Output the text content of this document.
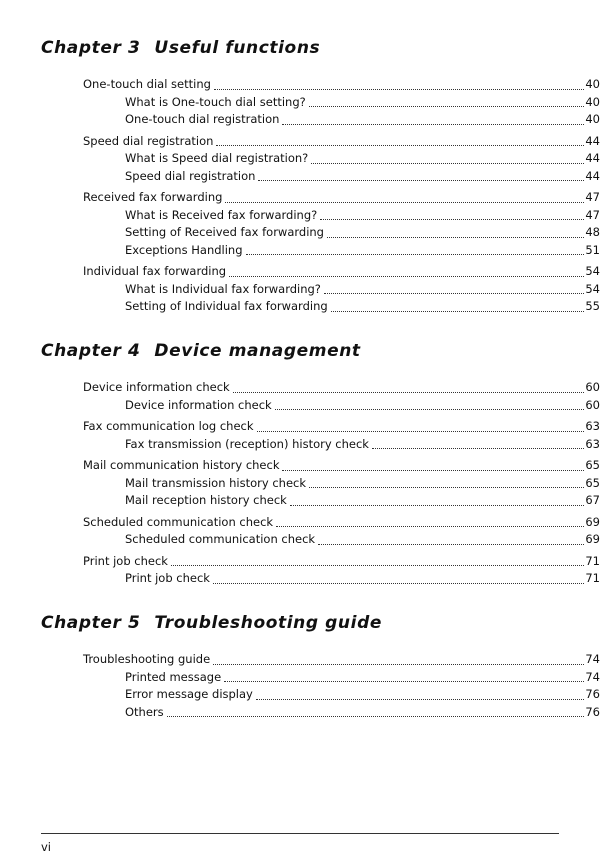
Chapter 3 Useful functions
One-touch dial setting	40
What is One-touch dial setting?	40
One-touch dial registration	40
Speed dial registration	44
What is Speed dial registration?	44
Speed dial registration	44
Received fax forwarding	47
What is Received fax forwarding?	47
Setting of Received fax forwarding	48
Exceptions Handling	51
Individual fax forwarding	54
What is Individual fax forwarding?	54
Setting of Individual fax forwarding	55
Chapter 4 Device management
Device information check	60
Device information check	60
Fax communication log check	63
Fax transmission (reception) history check	63
Mail communication history check	65
Mail transmission history check	65
Mail reception history check	67
Scheduled communication check	69
Scheduled communication check	69
Print job check	71
Print job check	71
Chapter 5 Troubleshooting guide
Troubleshooting guide	74
Printed message	74
Error message display	76
Others	76
vi
